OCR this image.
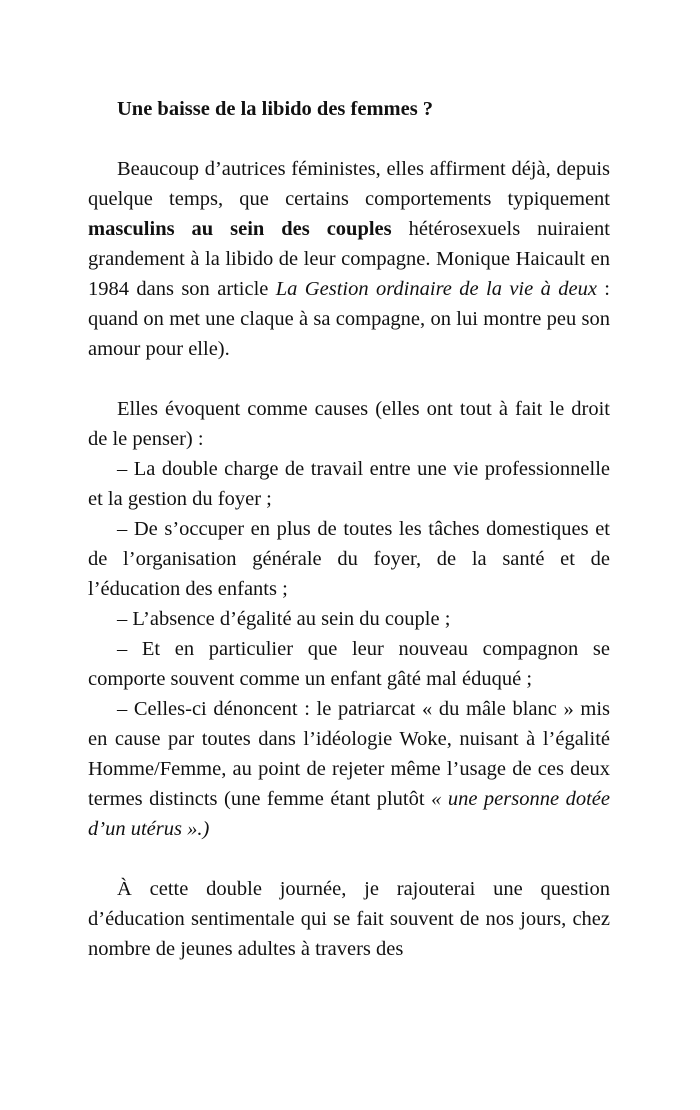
Une baisse de la libido des femmes ?

Beaucoup d’autrices féministes, elles affirment déjà, depuis quelque temps, que certains comportements typiquement masculins au sein des couples hétérosexuels nuiraient grandement à la libido de leur compagne. Monique Haicault en 1984 dans son article La Gestion ordinaire de la vie à deux : quand on met une claque à sa compagne, on lui montre peu son amour pour elle).

Elles évoquent comme causes (elles ont tout à fait le droit de le penser) :

– La double charge de travail entre une vie professionnelle et la gestion du foyer ;

– De s’occuper en plus de toutes les tâches domestiques et de l’organisation générale du foyer, de la santé et de l’éducation des enfants ;

– L’absence d’égalité au sein du couple ;

– Et en particulier que leur nouveau compagnon se comporte souvent comme un enfant gâté mal éduqué ;

– Celles-ci dénoncent : le patriarcat « du mâle blanc » mis en cause par toutes dans l’idéologie Woke, nuisant à l’égalité Homme/Femme, au point de rejeter même l’usage de ces deux termes distincts (une femme étant plutôt « une personne dotée d’un utérus ».)

À cette double journée, je rajouterai une question d’éducation sentimentale qui se fait souvent de nos jours, chez nombre de jeunes adultes à travers des
